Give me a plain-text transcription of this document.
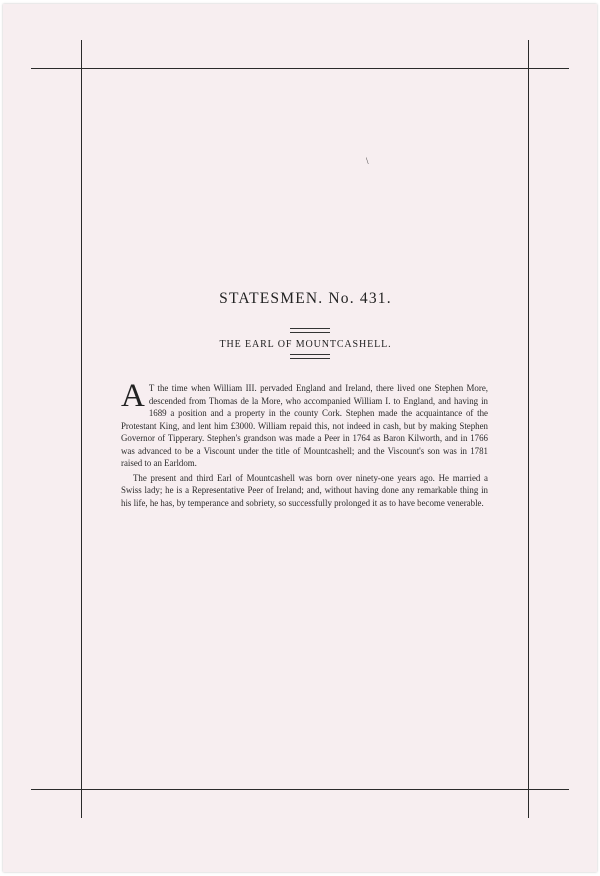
\
STATESMEN. No. 431.
THE EARL OF MOUNTCASHELL.

A T the time when William III. pervaded England and Ireland, there lived one Stephen More, descended from Thomas de la More, who accompanied William I. to England, and having in 1689 a position and a property in the county Cork. Stephen made the acquaintance of the Protestant King, and lent him £3000. William repaid this, not indeed in cash, but by making Stephen Governor of Tipperary. Stephen's grandson was made a Peer in 1764 as Baron Kilworth, and in 1766 was advanced to be a Viscount under the title of Mountcashell; and the Viscount's son was in 1781 raised to an Earldom.

The present and third Earl of Mountcashell was born over ninety-one years ago. He married a Swiss lady; he is a Representative Peer of Ireland; and, without having done any remarkable thing in his life, he has, by temperance and sobriety, so successfully prolonged it as to have become venerable.
